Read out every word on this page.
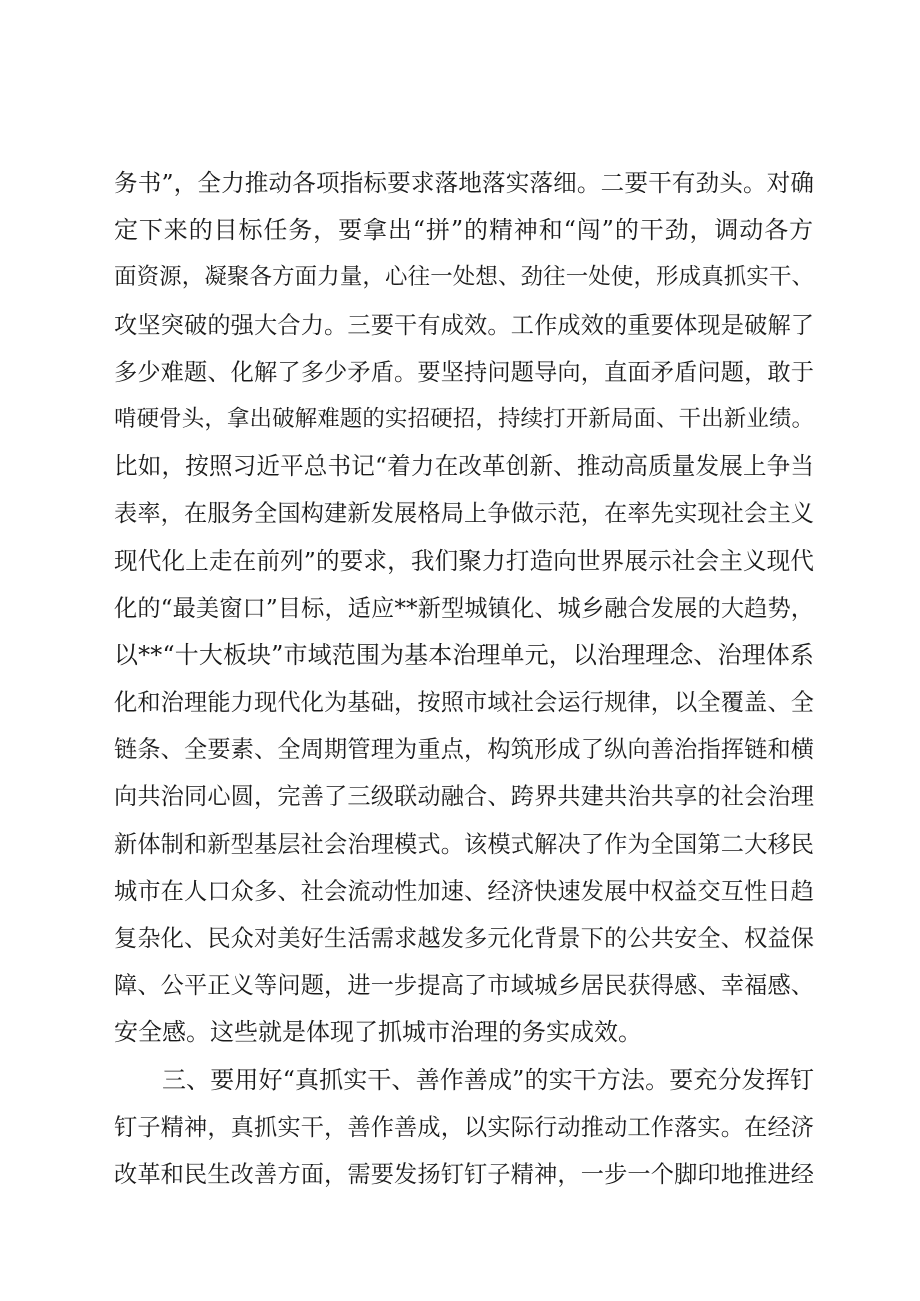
务书”，全力推动各项指标要求落地落实落细。二要干有劲头。对确
定下来的目标任务，要拿出“拼”的精神和“闯”的干劲，调动各方
面资源，凝聚各方面力量，心往一处想、劲往一处使，形成真抓实干、
攻坚突破的强大合力。三要干有成效。工作成效的重要体现是破解了
多少难题、化解了多少矛盾。要坚持问题导向，直面矛盾问题，敢于
啃硬骨头，拿出破解难题的实招硬招，持续打开新局面、干出新业绩。
比如，按照习近平总书记“着力在改革创新、推动高质量发展上争当
表率，在服务全国构建新发展格局上争做示范，在率先实现社会主义
现代化上走在前列”的要求，我们聚力打造向世界展示社会主义现代
化的“最美窗口”目标，适应**新型城镇化、城乡融合发展的大趋势，
以**“十大板块”市域范围为基本治理单元，以治理理念、治理体系
化和治理能力现代化为基础，按照市域社会运行规律，以全覆盖、全
链条、全要素、全周期管理为重点，构筑形成了纵向善治指挥链和横
向共治同心圆，完善了三级联动融合、跨界共建共治共享的社会治理
新体制和新型基层社会治理模式。该模式解决了作为全国第二大移民
城市在人口众多、社会流动性加速、经济快速发展中权益交互性日趋
复杂化、民众对美好生活需求越发多元化背景下的公共安全、权益保
障、公平正义等问题，进一步提高了市域城乡居民获得感、幸福感、
安全感。这些就是体现了抓城市治理的务实成效。
三、要用好“真抓实干、善作善成”的实干方法。要充分发挥钉
钉子精神，真抓实干，善作善成，以实际行动推动工作落实。在经济
改革和民生改善方面，需要发扬钉钉子精神，一步一个脚印地推进经
